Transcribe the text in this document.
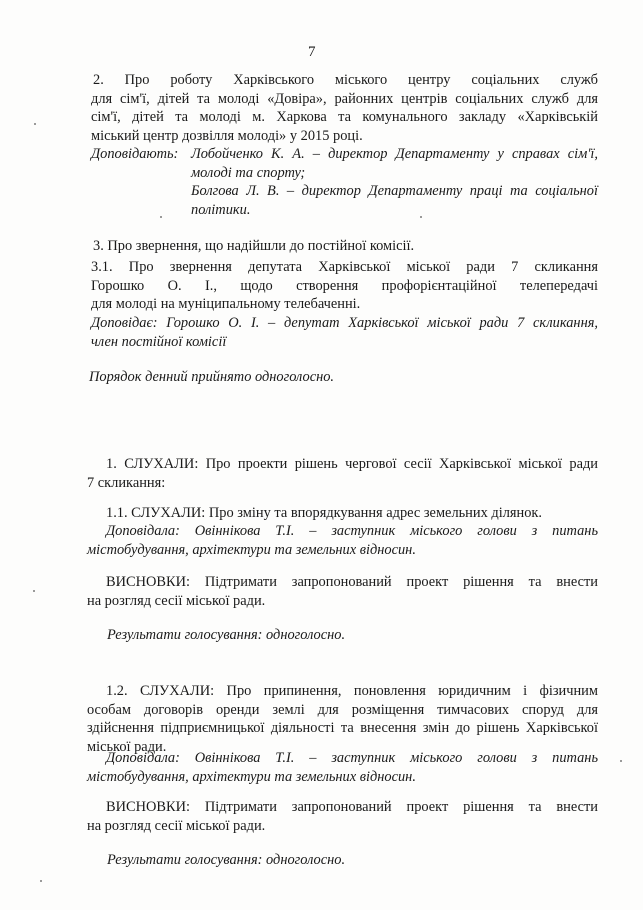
7
2. Про роботу Харківського міського центру соціальних служб
для сім'ї, дітей та молоді «Довіра», районних центрів соціальних служб для
сім'ї, дітей та молоді м. Харкова та комунального закладу «Харківській
міський центр дозвілля молоді» у 2015 році.
Доповідають: Лобойченко К. А. – директор Департаменту у справах сім'ї,
молоді та спорту;
Болгова Л. В. – директор Департаменту праці та соціальної
політики.
3. Про звернення, що надійшли до постійної комісії.
3.1. Про звернення депутата Харківської міської ради 7 скликання
Горошко О. І., щодо створення профорієнтаційної телепередачі
для молоді на муніципальному телебаченні.
Доповідає: Горошко О. І. – депутат Харківської міської ради 7 скликання,
член постійної комісії
Порядок денний прийнято одноголосно.
1. СЛУХАЛИ: Про проекти рішень чергової сесії Харківської міської ради
7 скликання:
1.1. СЛУХАЛИ: Про зміну та впорядкування адрес земельних ділянок.
Доповідала: Овіннікова Т.І. – заступник міського голови з питань
містобудування, архітектури та земельних відносин.
ВИСНОВКИ: Підтримати запропонований проект рішення та внести
на розгляд сесії міської ради.
Результати голосування: одноголосно.
1.2. СЛУХАЛИ: Про припинення, поновлення юридичним і фізичним
особам договорів оренди землі для розміщення тимчасових споруд для
здійснення підприємницької діяльності та внесення змін до рішень Харківської
міської ради.
Доповідала: Овіннікова Т.І. – заступник міського голови з питань
містобудування, архітектури та земельних відносин.
ВИСНОВКИ: Підтримати запропонований проект рішення та внести
на розгляд сесії міської ради.
Результати голосування: одноголосно.
